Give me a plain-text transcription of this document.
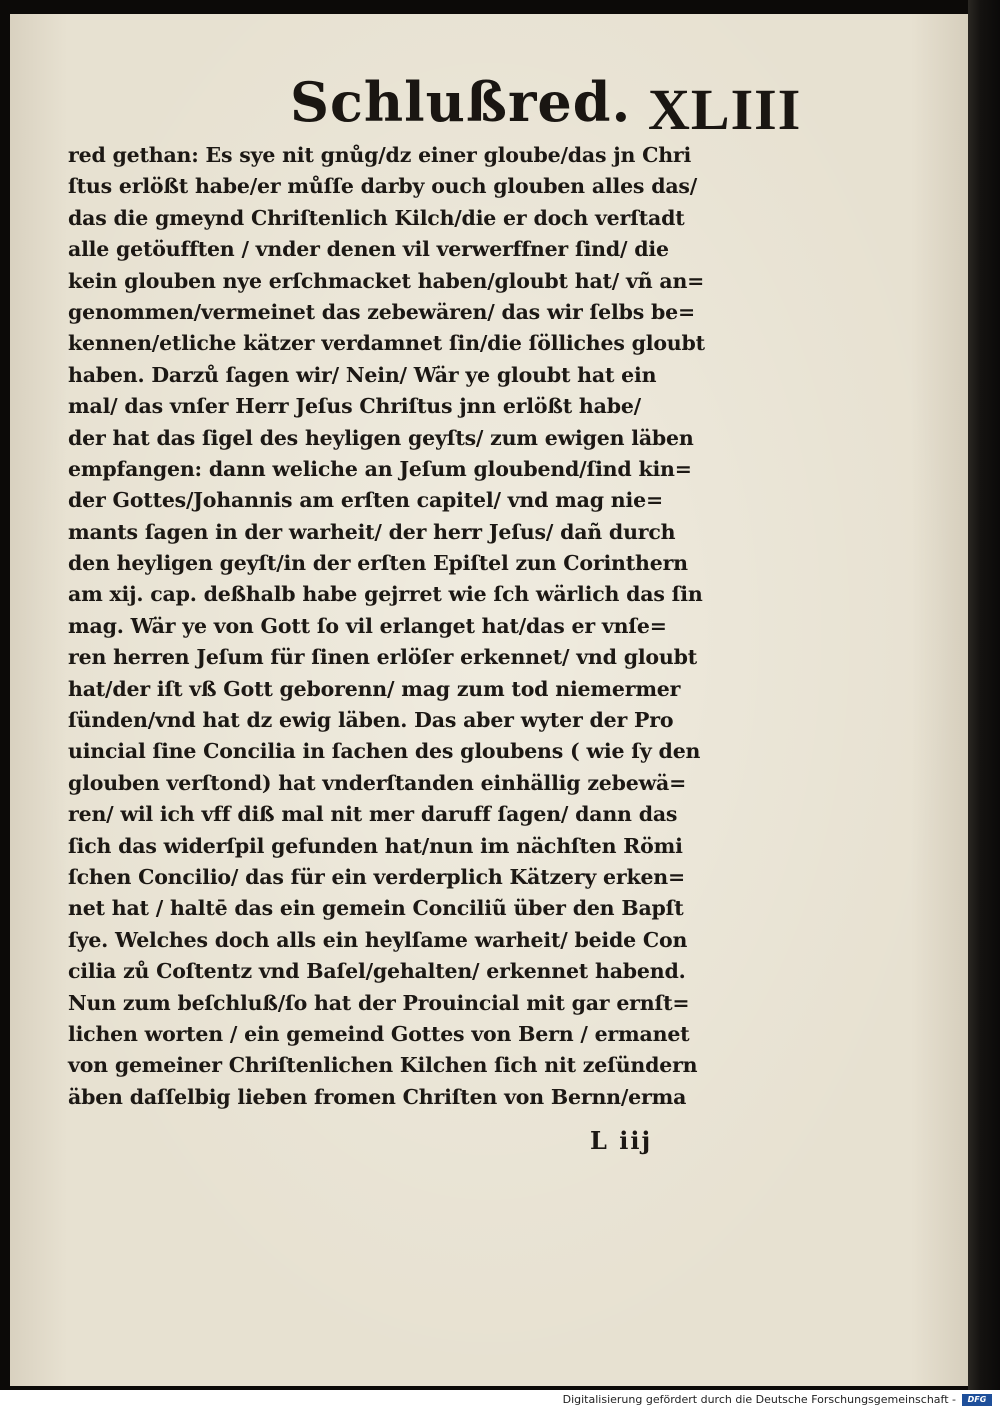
Schlußred. XLIII
red gethan: Es sye nit gnůg/dz einer gloube/das jn Chri
ſtus erlößt habe/er můſſe darby ouch glouben alles das/
das die gmeynd Chriſtenlich Kilch/die er doch verſtadt
alle getöufften / vnder denen vil verwerffner ſind/ die
kein glouben nye erſchmacket haben/gloubt hat/ vñ an=
genommen/vermeinet das zebewären/ das wir ſelbs be=
kennen/etliche kätzer verdamnet ſin/die ſölliches gloubt
haben. Darzů ſagen wir/ Nein/ Wär ye gloubt hat ein
mal/ das vnſer Herr Jeſus Chriſtus jnn erlößt habe/
der hat das ſigel des heyligen geyſts/ zum ewigen läben
empfangen: dann weliche an Jeſum gloubend/ſind kin=
der Gottes/Johannis am erſten capitel/ vnd mag nie=
mants ſagen in der warheit/ der herr Jeſus/ dañ durch
den heyligen geyſt/in der erſten Epiſtel zun Corinthern
am xij. cap. deßhalb habe gejrret wie ſch wärlich das ſin
mag. Wär ye von Gott ſo vil erlanget hat/das er vnſe=
ren herren Jeſum für ſinen erlöſer erkennet/ vnd gloubt
hat/der iſt vß Gott geborenn/ mag zum tod niemermer
ſünden/vnd hat dz ewig läben. Das aber wyter der Pro
uincial ſine Concilia in ſachen des gloubens ( wie ſy den
glouben verſtond) hat vnderſtanden einhällig zebewä=
ren/ wil ich vff diß mal nit mer daruff ſagen/ dann das
ſich das widerſpil gefunden hat/nun im nächſten Römi
ſchen Concilio/ das für ein verderplich Kätzery erken=
net hat / haltē das ein gemein Conciliũ über den Bapſt
ſye. Welches doch alls ein heylſame warheit/ beide Con
cilia zů Coſtentz vnd Baſel/gehalten/ erkennet habend.
Nun zum beſchluß/ſo hat der Prouincial mit gar ernſt=
lichen worten / ein gemeind Gottes von Bern / ermanet
von gemeiner Chriſtenlichen Kilchen ſich nit zeſündern
äben daſſelbig lieben fromen Chriſten von Bernn/erma
L iij
Digitalisierung gefördert durch die Deutsche Forschungsgemeinschaft -	DFG
